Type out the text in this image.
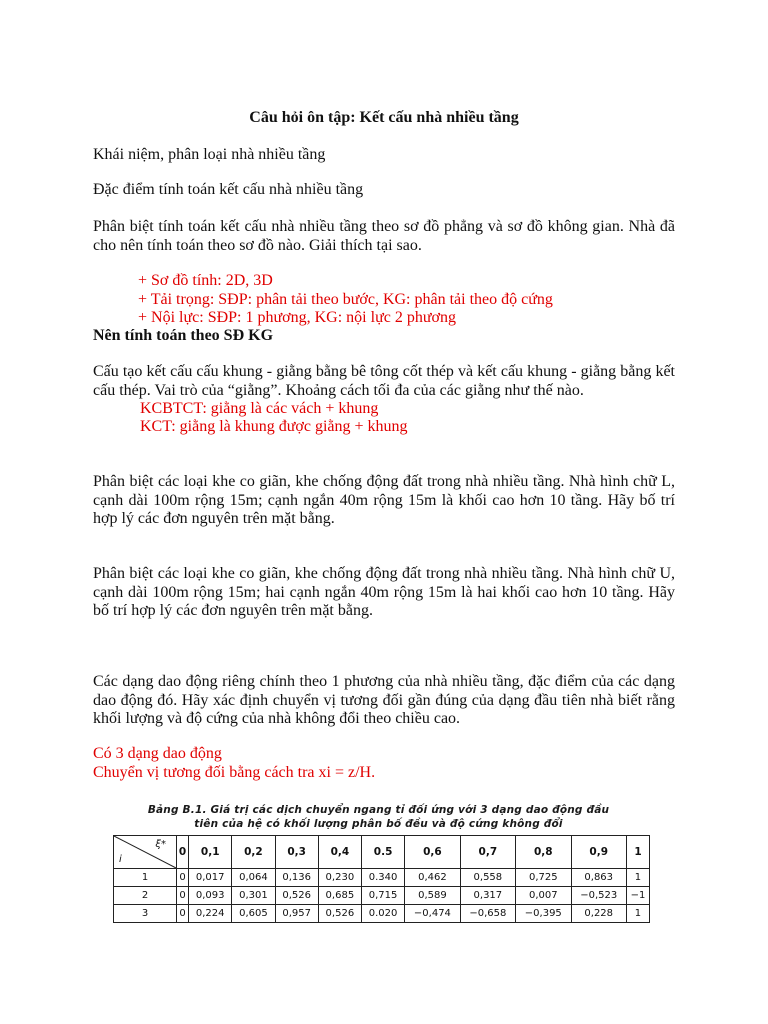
Câu hỏi ôn tập: Kết cấu nhà nhiều tầng

Khái niệm, phân loại nhà nhiều tầng

Đặc điểm tính toán kết cấu nhà nhiều tầng

Phân biệt tính toán kết cấu nhà nhiều tầng theo sơ đồ phẳng và sơ đồ không gian. Nhà đã cho nên tính toán theo sơ đồ nào. Giải thích tại sao.

+ Sơ đồ tính: 2D, 3D

+ Tải trọng: SĐP: phân tải theo bước, KG: phân tải theo độ cứng

+ Nội lực: SĐP: 1 phương, KG: nội lực 2 phương

Nên tính toán theo SĐ KG

Cấu tạo kết cấu cấu khung - giằng bằng bê tông cốt thép và kết cấu khung - giằng bằng kết cấu thép. Vai trò của “giằng”. Khoảng cách tối đa của các giằng như thế nào.

KCBTCT: giằng là các vách + khung

KCT: giằng là khung được giằng + khung

Phân biệt các loại khe co giãn, khe chống động đất trong nhà nhiều tầng. Nhà hình chữ L, cạnh dài 100m rộng 15m; cạnh ngắn 40m rộng 15m là khối cao hơn 10 tầng. Hãy bố trí hợp lý các đơn nguyên trên mặt bằng.

Phân biệt các loại khe co giãn, khe chống động đất trong nhà nhiều tầng. Nhà hình chữ U, cạnh dài 100m rộng 15m; hai cạnh ngắn 40m rộng 15m là hai khối cao hơn 10 tầng. Hãy bố trí hợp lý các đơn nguyên trên mặt bằng.

Các dạng dao động riêng chính theo 1 phương của nhà nhiều tầng, đặc điểm của các dạng dao động đó. Hãy xác định chuyển vị tương đối gần đúng của dạng đầu tiên nhà biết rằng khối lượng và độ cứng của nhà không đổi theo chiều cao.

Có 3 dạng dao động

Chuyển vị tương đối bằng cách tra xi = z/H.

Bảng B.1. Giá trị các dịch chuyển ngang tỉ đối ứng với 3 dạng dao động đầu
tiên của hệ có khối lượng phân bố đều và độ cứng không đổi
ξ*
i	0	0,1	0,2	0,3	0,4	0.5	0,6	0,7	0,8	0,9	1
1	0	0,017	0,064	0,136	0,230	0.340	0,462	0,558	0,725	0,863	1
2	0	0,093	0,301	0,526	0,685	0,715	0,589	0,317	0,007	−0,523	−1
3	0	0,224	0,605	0,957	0,526	0.020	−0,474	−0,658	−0,395	0,228	1
